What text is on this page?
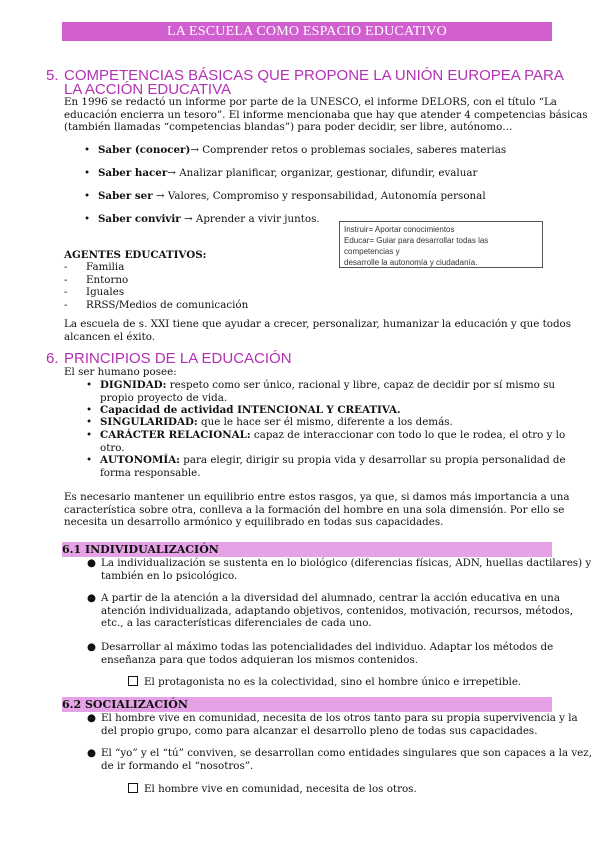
LA ESCUELA COMO ESPACIO EDUCATIVO
5. COMPETENCIAS BÁSICAS QUE PROPONE LA UNIÓN EUROPEA PARA
LA ACCIÓN EDUCATIVA
En 1996 se redactó un informe por parte de la UNESCO, el informe DELORS, con el título “La
educación encierra un tesoro”. El informe mencionaba que hay que atender 4 competencias básicas
(también llamadas “competencias blandas”) para poder decidir, ser libre, autónomo…
• Saber (conocer)→ Comprender retos o problemas sociales, saberes materias
• Saber hacer→ Analizar planificar, organizar, gestionar, difundir, evaluar
• Saber ser → Valores, Compromiso y responsabilidad, Autonomía personal
• Saber convivir → Aprender a vivir juntos.
Instruir= Aportar conocimientos
Educar= Guiar para desarrollar todas las competencias y
desarrolle la autonomía y ciudadanía.
AGENTES EDUCATIVOS:
- Familia
- Entorno
- Iguales
- RRSS/Medios de comunicación
La escuela de s. XXI tiene que ayudar a crecer, personalizar, humanizar la educación y que todos
alcancen el éxito.
6. PRINCIPIOS DE LA EDUCACIÓN
El ser humano posee:
• DIGNIDAD: respeto como ser único, racional y libre, capaz de decidir por sí mismo su
propio proyecto de vida.
• Capacidad de actividad INTENCIONAL Y CREATIVA.
• SINGULARIDAD: que le hace ser él mismo, diferente a los demás.
• CARÁCTER RELACIONAL: capaz de interaccionar con todo lo que le rodea, el otro y lo
otro.
• AUTONOMÍA: para elegir, dirigir su propia vida y desarrollar su propia personalidad de
forma responsable.
Es necesario mantener un equilibrio entre estos rasgos, ya que, si damos más importancia a una
característica sobre otra, conlleva a la formación del hombre en una sola dimensión. Por ello se
necesita un desarrollo armónico y equilibrado en todas sus capacidades.
6.1 INDIVIDUALIZACIÓN
● La individualización se sustenta en lo biológico (diferencias físicas, ADN, huellas dactilares) y
también en lo psicológico.
● A partir de la atención a la diversidad del alumnado, centrar la acción educativa en una
atención individualizada, adaptando objetivos, contenidos, motivación, recursos, métodos,
etc., a las características diferenciales de cada uno.
● Desarrollar al máximo todas las potencialidades del individuo. Adaptar los métodos de
enseñanza para que todos adquieran los mismos contenidos.
El protagonista no es la colectividad, sino el hombre único e irrepetible.
6.2 SOCIALIZACIÓN
● El hombre vive en comunidad, necesita de los otros tanto para su propia supervivencia y la
del propio grupo, como para alcanzar el desarrollo pleno de todas sus capacidades.
● El “yo” y el “tú” conviven, se desarrollan como entidades singulares que son capaces a la vez,
de ir formando el “nosotros”.
El hombre vive en comunidad, necesita de los otros.
